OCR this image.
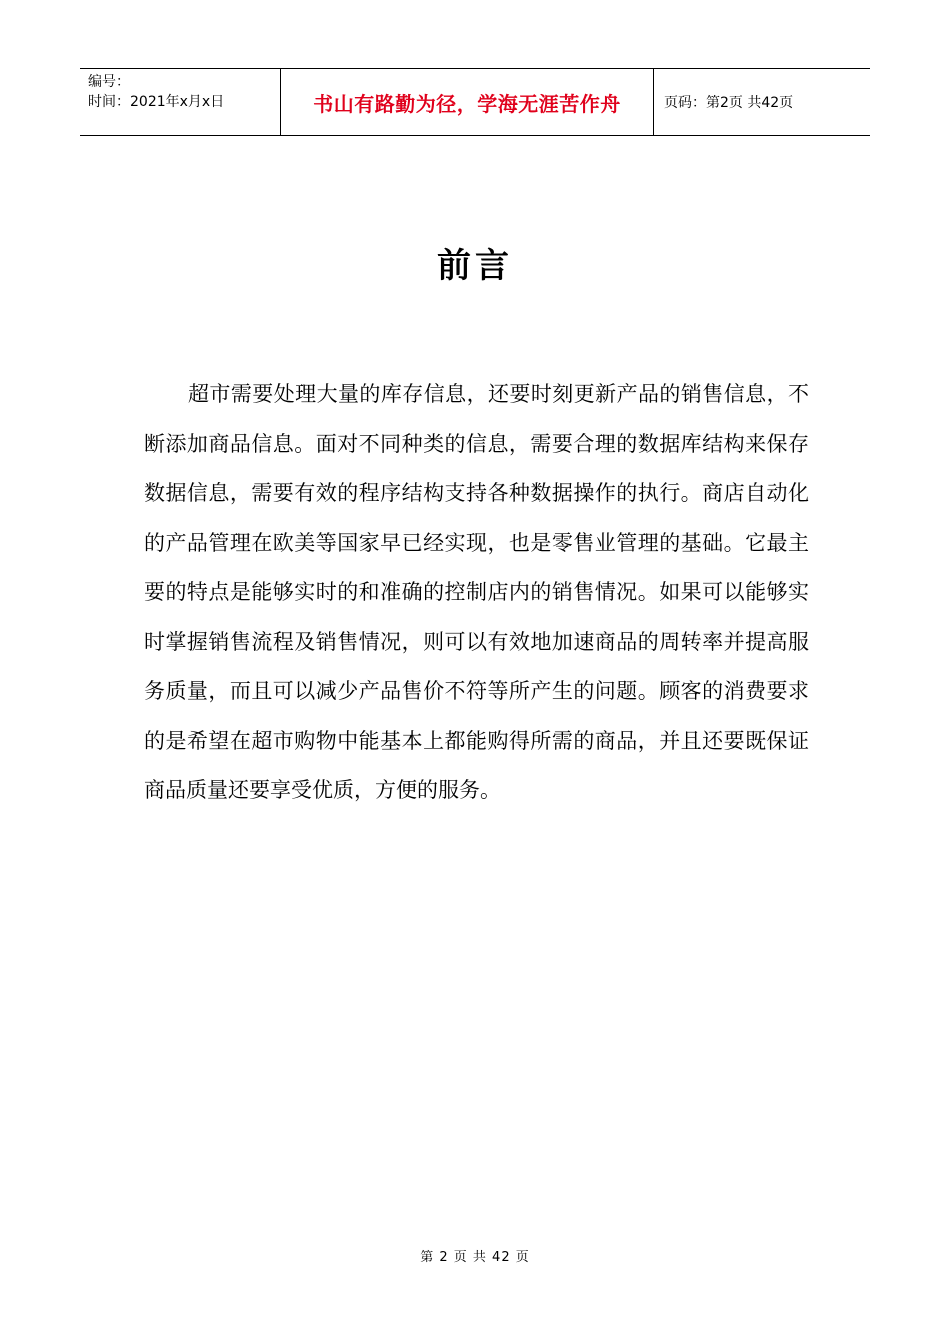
编号：
时间：2021年x月x日	书山有路勤为径，学海无涯苦作舟	页码：第2页 共42页
前言

超市需要处理大量的库存信息，还要时刻更新产品的销售信息，不断添加商品信息。面对不同种类的信息，需要合理的数据库结构来保存数据信息，需要有效的程序结构支持各种数据操作的执行。商店自动化的产品管理在欧美等国家早已经实现，也是零售业管理的基础。它最主要的特点是能够实时的和准确的控制店内的销售情况。如果可以能够实时掌握销售流程及销售情况，则可以有效地加速商品的周转率并提高服务质量，而且可以减少产品售价不符等所产生的问题。顾客的消费要求的是希望在超市购物中能基本上都能购得所需的商品，并且还要既保证商品质量还要享受优质，方便的服务。

第 2 页 共 42 页
